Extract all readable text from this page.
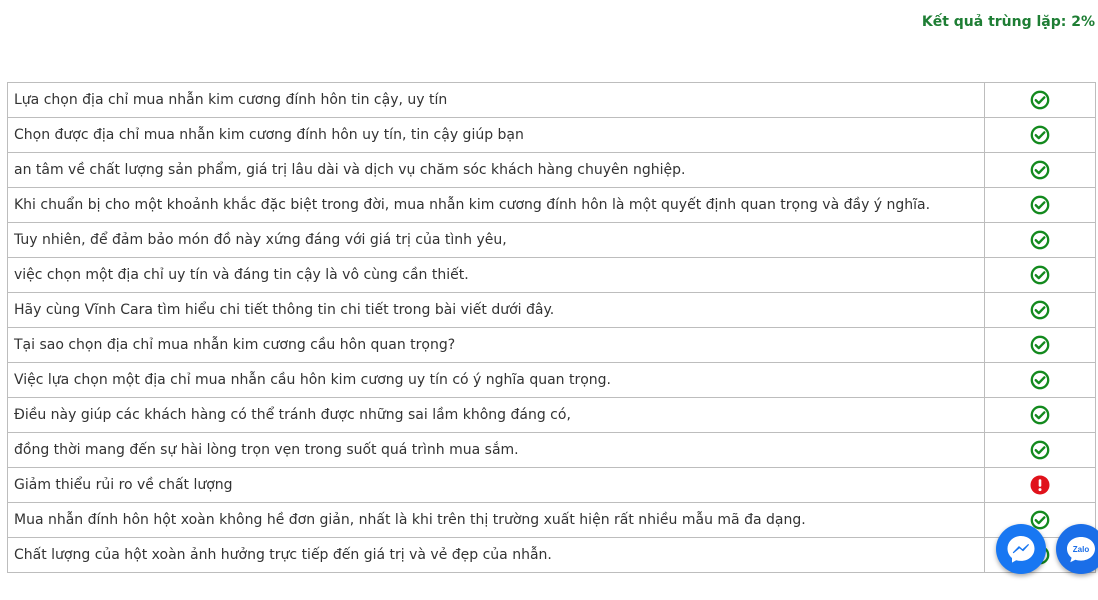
Kết quả trùng lặp: 2%
Lựa chọn địa chỉ mua nhẫn kim cương đính hôn tin cậy, uy tín	
Chọn được địa chỉ mua nhẫn kim cương đính hôn uy tín, tin cậy giúp bạn	
an tâm về chất lượng sản phẩm, giá trị lâu dài và dịch vụ chăm sóc khách hàng chuyên nghiệp.	
Khi chuẩn bị cho một khoảnh khắc đặc biệt trong đời, mua nhẫn kim cương đính hôn là một quyết định quan trọng và đầy ý nghĩa.	
Tuy nhiên, để đảm bảo món đồ này xứng đáng với giá trị của tình yêu,	
việc chọn một địa chỉ uy tín và đáng tin cậy là vô cùng cần thiết.	
Hãy cùng Vĩnh Cara tìm hiểu chi tiết thông tin chi tiết trong bài viết dưới đây.	
Tại sao chọn địa chỉ mua nhẫn kim cương cầu hôn quan trọng?	
Việc lựa chọn một địa chỉ mua nhẫn cầu hôn kim cương uy tín có ý nghĩa quan trọng.	
Điều này giúp các khách hàng có thể tránh được những sai lầm không đáng có,	
đồng thời mang đến sự hài lòng trọn vẹn trong suốt quá trình mua sắm.	
Giảm thiểu rủi ro về chất lượng	
Mua nhẫn đính hôn hột xoàn không hề đơn giản, nhất là khi trên thị trường xuất hiện rất nhiều mẫu mã đa dạng.	
Chất lượng của hột xoàn ảnh hưởng trực tiếp đến giá trị và vẻ đẹp của nhẫn.		Zalo
